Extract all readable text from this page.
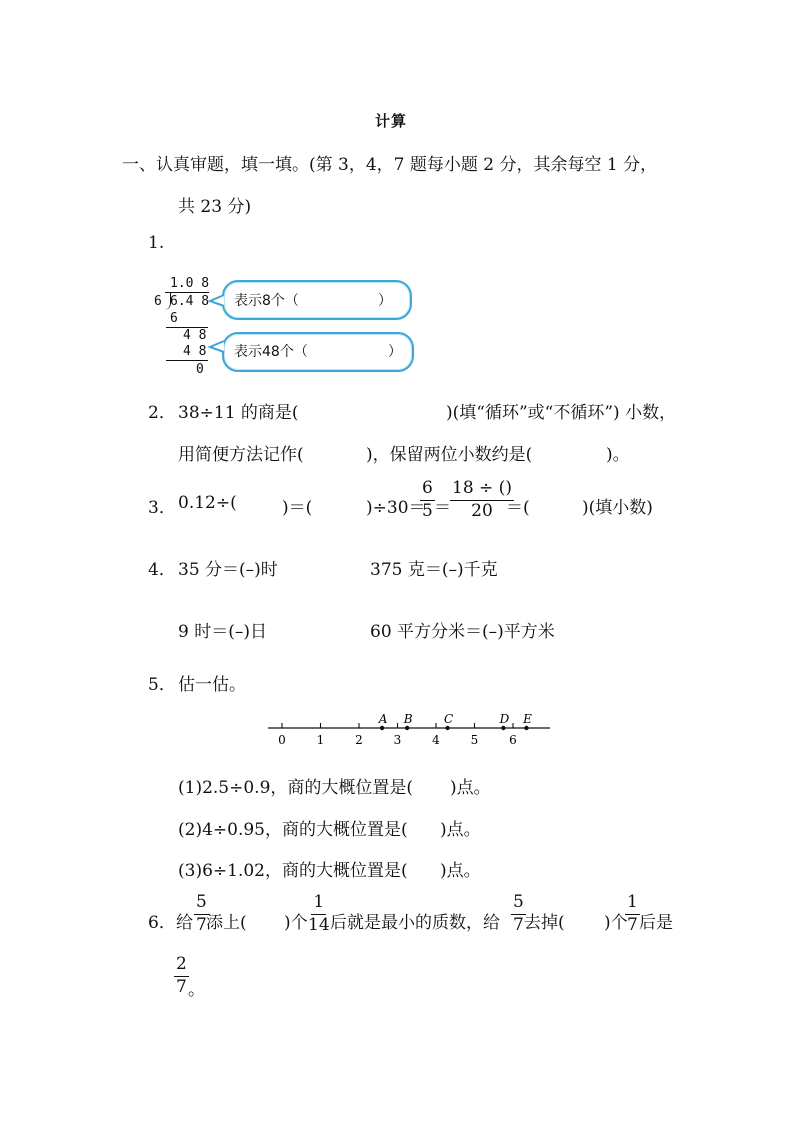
计算
一、认真审题，填一填。(第 3，4，7 题每小题 2 分，其余每空 1 分，
共 23 分)
1.
1.0 8
6 6.4 8
6
4 8
4 8
0
表示8个（	）
表示48个（	）
2． 38÷11 的商是(	)(填“循环”或“不循环”) 小数，
用简便方法记作(	)，保留两位小数约是(	)。
3． 0.12÷(	)＝(	)÷30＝
$\frac{6}{5} = \frac{18 \div ()}{20}$
＝(	)(填小数)
4． 35 分＝(–)时	375 克＝(–)千克
9 时＝(–)日	60 平方分米＝(–)平方米
5． 估一估。
0	1	2	3	4	5	6
A B	C	D E
(1)2.5÷0.9，商的大概位置是( )点。
(2)4÷0.95，商的大概位置是( )点。
(3)6÷1.02，商的大概位置是( )点。
6． 给 $\frac{5}{7}$
添上( )个 $\frac{1}{14}$ 后就是最小的质数，给 $\frac{5}{7}$
去掉( )个
$\frac{1}{7}$ 后是
$\frac{2}{7}$ 。
